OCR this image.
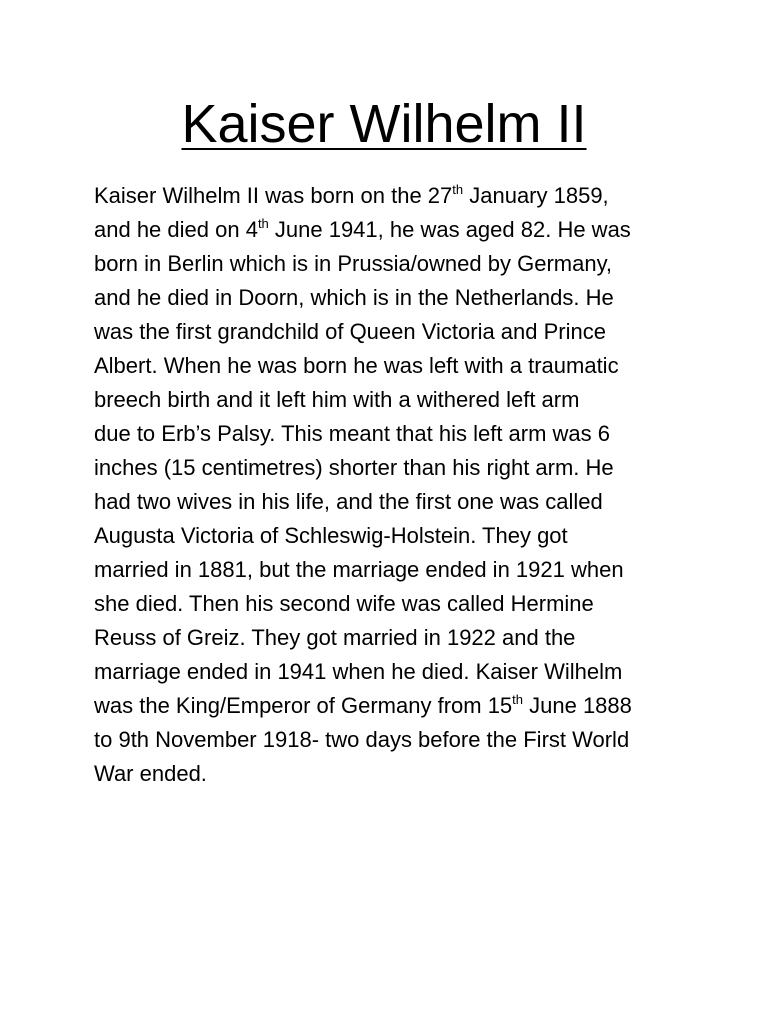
Kaiser Wilhelm II
Kaiser Wilhelm II was born on the 27th January 1859,
and he died on 4th June 1941, he was aged 82. He was
born in Berlin which is in Prussia/owned by Germany,
and he died in Doorn, which is in the Netherlands. He
was the first grandchild of Queen Victoria and Prince
Albert. When he was born he was left with a traumatic
breech birth and it left him with a withered left arm
due to Erb’s Palsy. This meant that his left arm was 6
inches (15 centimetres) shorter than his right arm. He
had two wives in his life, and the first one was called
Augusta Victoria of Schleswig-Holstein. They got
married in 1881, but the marriage ended in 1921 when
she died. Then his second wife was called Hermine
Reuss of Greiz. They got married in 1922 and the
marriage ended in 1941 when he died. Kaiser Wilhelm
was the King/Emperor of Germany from 15th June 1888
to 9th November 1918- two days before the First World
War ended.
